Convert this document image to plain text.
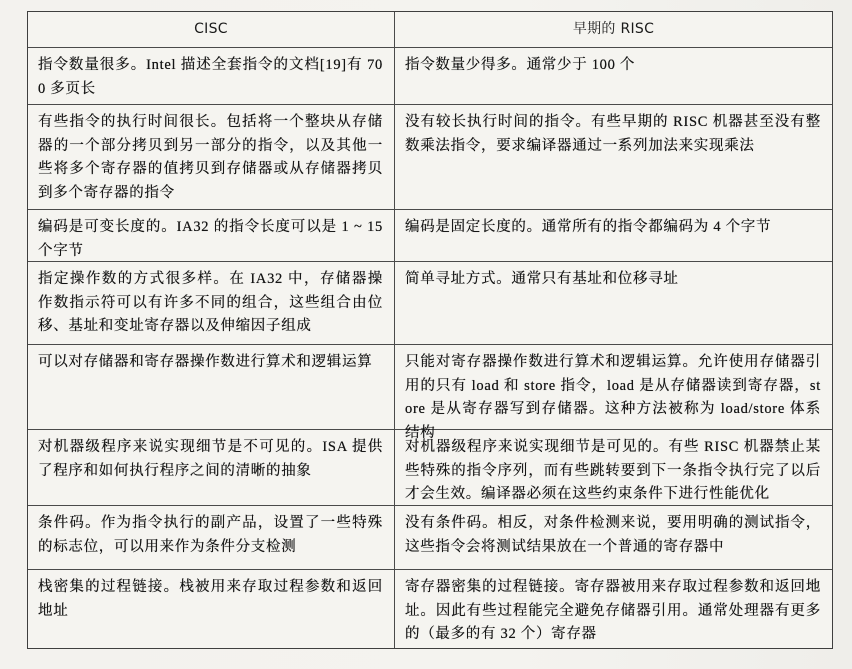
CISC	早期的 RISC
指令数量很多。Intel 描述全套指令的文档[19]有 700 多页长
指令数量少得多。通常少于 100 个
有些指令的执行时间很长。包括将一个整块从存储器的一个部分拷贝到另一部分的指令，以及其他一些将多个寄存器的值拷贝到存储器或从存储器拷贝到多个寄存器的指令
没有较长执行时间的指令。有些早期的 RISC 机器甚至没有整数乘法指令，要求编译器通过一系列加法来实现乘法
编码是可变长度的。IA32 的指令长度可以是 1 ~ 15 个字节
编码是固定长度的。通常所有的指令都编码为 4 个字节
指定操作数的方式很多样。在 IA32 中，存储器操作数指示符可以有许多不同的组合，这些组合由位移、基址和变址寄存器以及伸缩因子组成
简单寻址方式。通常只有基址和位移寻址
可以对存储器和寄存器操作数进行算术和逻辑运算	只能对寄存器操作数进行算术和逻辑运算。允许使用存储器引用的只有 load 和 store 指令，load 是从存储器读到寄存器，store 是从寄存器写到存储器。这种方法被称为 load/store 体系结构
对机器级程序来说实现细节是不可见的。ISA 提供了程序和如何执行程序之间的清晰的抽象
对机器级程序来说实现细节是可见的。有些 RISC 机器禁止某些特殊的指令序列，而有些跳转要到下一条指令执行完了以后才会生效。编译器必须在这些约束条件下进行性能优化
条件码。作为指令执行的副产品，设置了一些特殊的标志位，可以用来作为条件分支检测
没有条件码。相反，对条件检测来说，要用明确的测试指令，这些指令会将测试结果放在一个普通的寄存器中
栈密集的过程链接。栈被用来存取过程参数和返回地址
寄存器密集的过程链接。寄存器被用来存取过程参数和返回地址。因此有些过程能完全避免存储器引用。通常处理器有更多的（最多的有 32 个）寄存器
